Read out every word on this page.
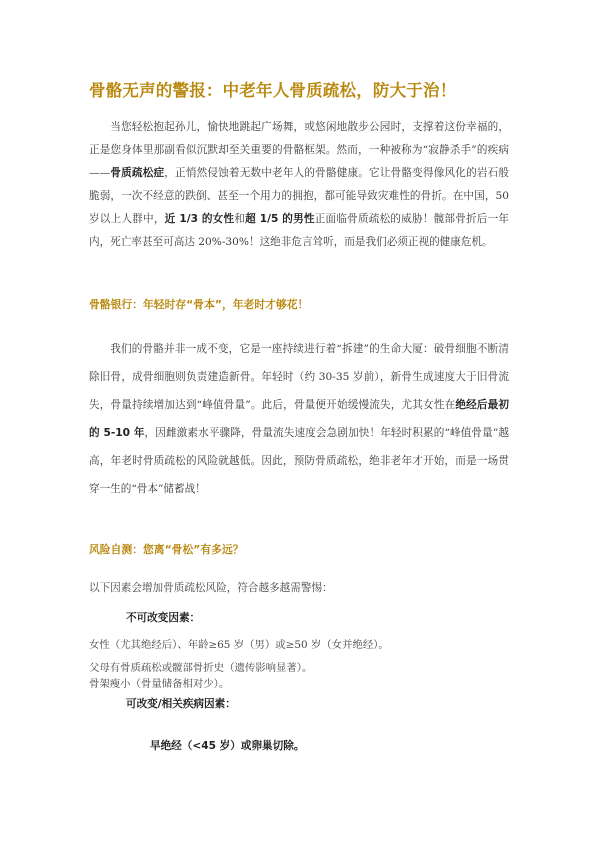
骨骼无声的警报：中老年人骨质疏松，防大于治！

当您轻松抱起孙儿，愉快地跳起广场舞，或悠闲地散步公园时，支撑着这份幸福的，正是您身体里那副看似沉默却至关重要的骨骼框架。然而，一种被称为“寂静杀手”的疾病——骨质疏松症，正悄然侵蚀着无数中老年人的骨骼健康。它让骨骼变得像风化的岩石般脆弱，一次不经意的跌倒、甚至一个用力的拥抱，都可能导致灾难性的骨折。在中国，50 岁以上人群中，近 1/3 的女性和超 1/5 的男性正面临骨质疏松的威胁！髋部骨折后一年内，死亡率甚至可高达 20%-30%！这绝非危言耸听，而是我们必须正视的健康危机。

骨骼银行：年轻时存“骨本”，年老时才够花！

我们的骨骼并非一成不变，它是一座持续进行着“拆建”的生命大厦：破骨细胞不断清除旧骨，成骨细胞则负责建造新骨。年轻时（约 30-35 岁前），新骨生成速度大于旧骨流失，骨量持续增加达到“峰值骨量”。此后，骨量便开始缓慢流失，尤其女性在绝经后最初的 5-10 年，因雌激素水平骤降，骨量流失速度会急剧加快！年轻时积累的“峰值骨量”越高，年老时骨质疏松的风险就越低。因此，预防骨质疏松，绝非老年才开始，而是一场贯穿一生的“骨本”储蓄战！

风险自测：您离“骨松”有多远？
以下因素会增加骨质疏松风险，符合越多越需警惕：
不可改变因素：
女性（尤其绝经后）、年龄≥65 岁（男）或≥50 岁（女并绝经）。
父母有骨质疏松或髋部骨折史（遗传影响显著）。
骨架瘦小（骨量储备相对少）。
可改变/相关疾病因素：
早绝经（<45 岁）或卵巢切除。
